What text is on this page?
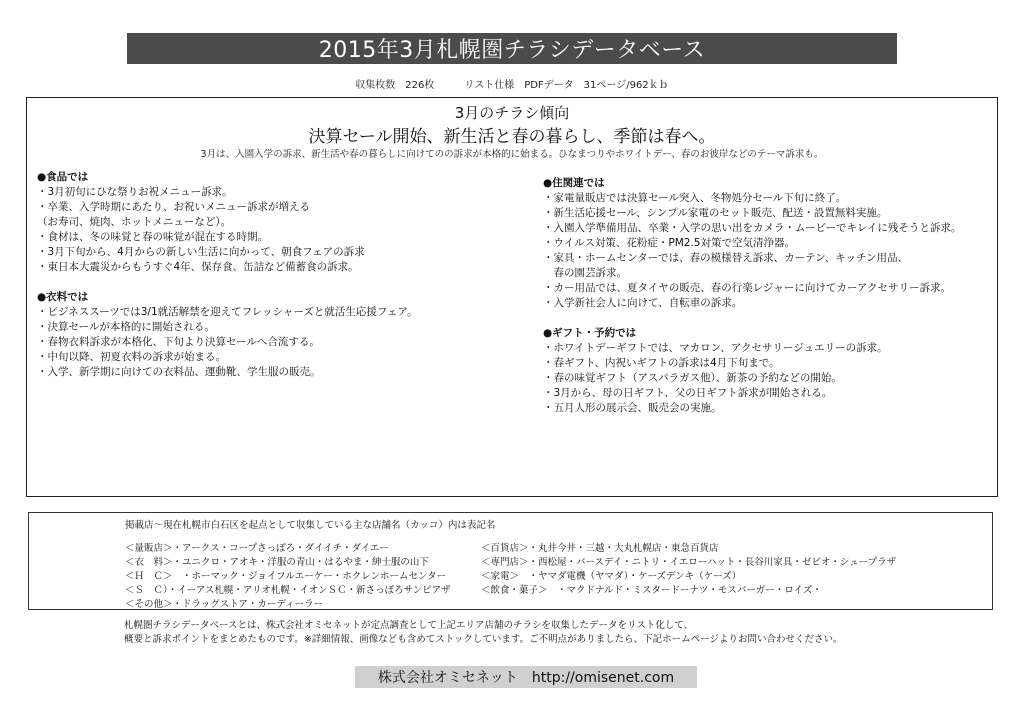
2015年3月札幌圏チラシデータベース
収集枚数　226枚　　　リスト仕様　PDFデータ　31ページ/962ｋｂ
3月のチラシ傾向
決算セール開始、新生活と春の暮らし、季節は春へ。
3月は、入園入学の訴求、新生活や春の暮らしに向けてのの訴求が本格的に始まる。ひなまつりやホワイトデー、春のお彼岸などのテーマ訴求も。
●食品では
・3月初旬にひな祭りお祝メニュー訴求。
・卒業、入学時期にあたり、お祝いメニュー訴求が増える
（お寿司、焼肉、ホットメニューなど）。
・食材は、冬の味覚と春の味覚が混在する時期。
・3月下旬から、4月からの新しい生活に向かって、朝食フェアの訴求
・東日本大震災からもうすぐ4年、保存食、缶詰など備蓄食の訴求。
●衣料では
・ビジネススーツでは3/1就活解禁を迎えてフレッシャーズと就活生応援フェア。
・決算セールが本格的に開始される。
・春物衣料訴求が本格化、下旬より決算セールへ合流する。
・中旬以降、初夏衣料の訴求が始まる。
・入学、新学期に向けての衣料品、運動靴、学生服の販売。
●住関連では
・家電量販店では決算セール突入、冬物処分セール下旬に終了。
・新生活応援セール、シンプル家電のセット販売、配送・設置無料実施。
・入園入学準備用品、卒業・入学の思い出をカメラ・ムービーでキレイに残そうと訴求。
・ウイルス対策、花粉症・PM2.5対策で空気清浄器。
・家具・ホームセンターでは、春の模様替え訴求、カーテン、キッチン用品、
　春の園芸訴求。
・カー用品では、夏タイヤの販売、春の行楽レジャーに向けてカーアクセサリー訴求。
・入学新社会人に向けて、自転車の訴求。
●ギフト・予約では
・ホワイトデーギフトでは、マカロン、アクセサリージュエリーの訴求。
・春ギフト、内祝いギフトの訴求は4月下旬まで。
・春の味覚ギフト（アスパラガス他）、新茶の予約などの開始。
・3月から、母の日ギフト、父の日ギフト訴求が開始される。
・五月人形の展示会、販売会の実施。
掲載店～現在札幌市白石区を起点として収集している主な店舗名（カッコ）内は表記名
＜量販店＞・アークス・コープさっぽろ・ダイイチ・ダイエー
＜衣　料＞・ユニクロ・アオキ・洋服の青山・はるやま・紳士服の山下
＜Ｈ　Ｃ＞　・ホーマック・ジョイフルエーケー・ホクレンホームセンター
＜Ｓ　Ｃ）・イーアス札幌・アリオ札幌・イオンＳＣ・新さっぽろサンピアザ
＜その他＞・ドラッグストア・カーディーラー
＜百貨店＞・丸井今井・三越・大丸札幌店・東急百貨店
＜専門店＞・西松屋・バースデイ・ニトリ・イエローハット・長谷川家具・ゼビオ・シュープラザ
＜家電＞　・ヤマダ電機（ヤマダ）・ケーズデンキ（ケーズ）
＜飲食・菓子＞　・マクドナルド・ミスタードーナツ・モスバーガー・ロイズ・
札幌圏チラシデータベースとは、株式会社オミセネットが定点調査として上記エリア店舗のチラシを収集したデータをリスト化して、
概要と訴求ポイントをまとめたものです。※詳細情報、画像なども含めてストックしています。ご不明点がありましたら、下記ホームページよりお問い合わせください。
株式会社オミセネット　http://omisenet.com
